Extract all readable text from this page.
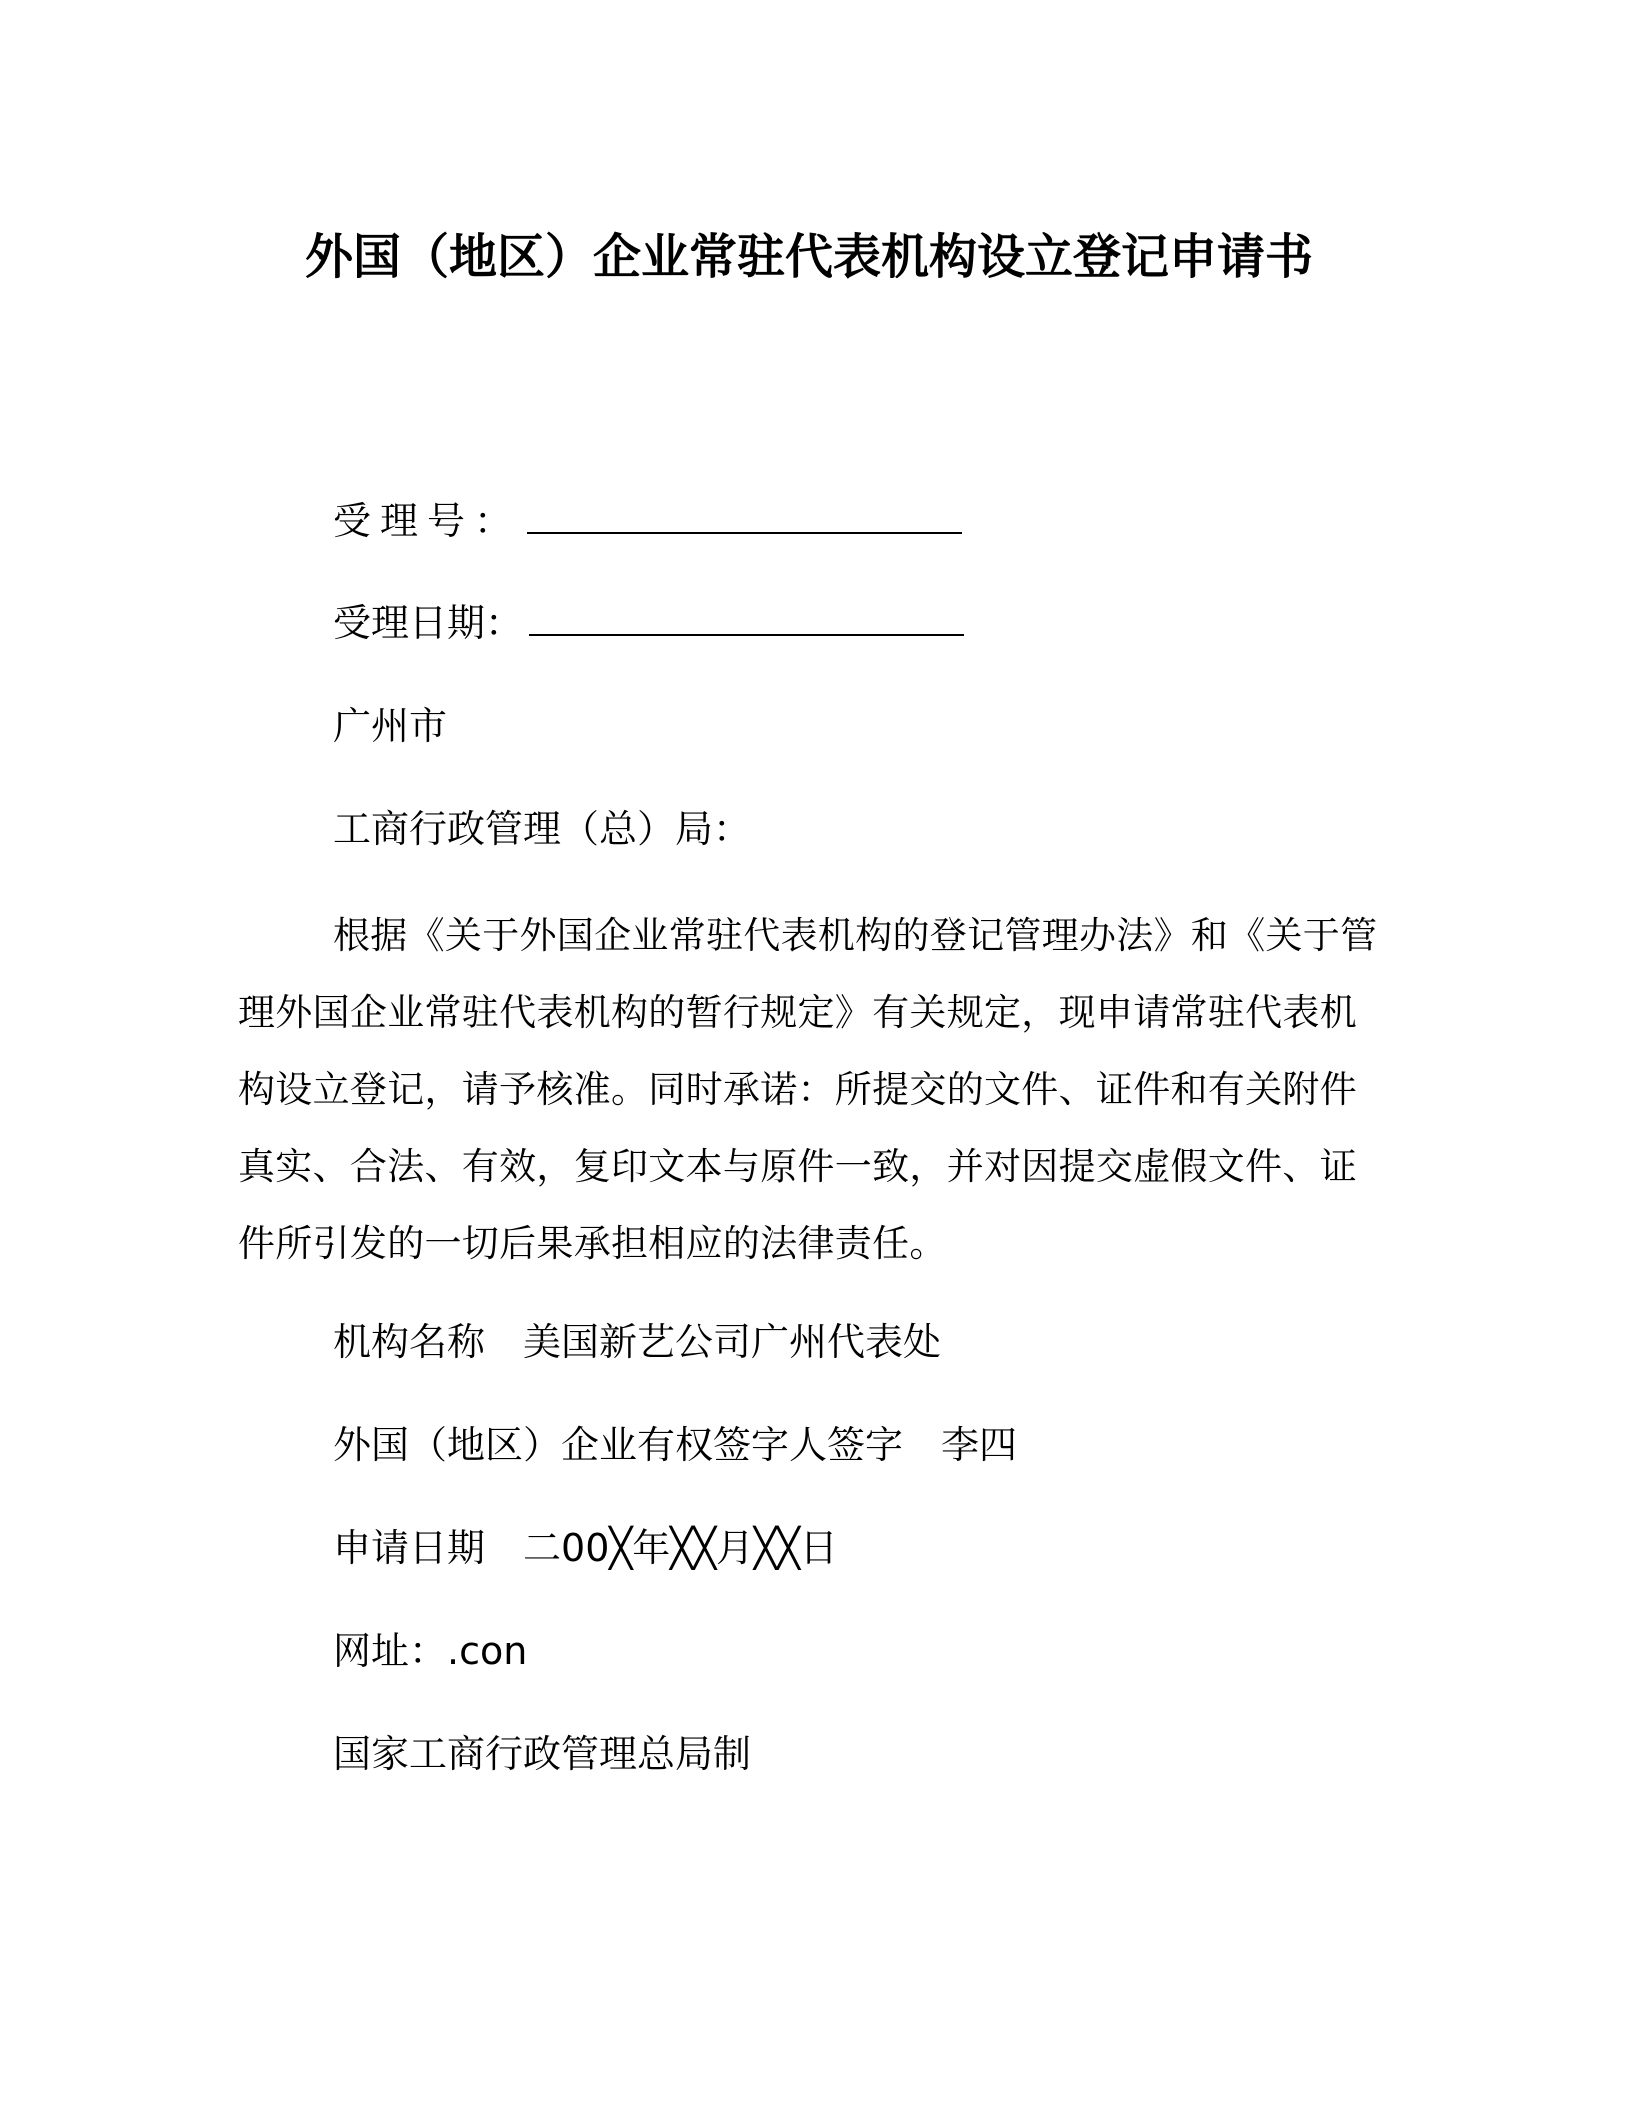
外国（地区）企业常驻代表机构设立登记申请书
受理号：
受理日期：
广州市
工商行政管理（总）局：
根据《关于外国企业常驻代表机构的登记管理办法》和《关于管理外国企业常驻代表机构的暂行规定》有关规定，现申请常驻代表机构设立登记，请予核准。同时承诺：所提交的文件、证件和有关附件真实、合法、有效，复印文本与原件一致，并对因提交虚假文件、证件所引发的一切后果承担相应的法律责任。
机构名称 美国新艺公司广州代表处
外国（地区）企业有权签字人签字 李四
申请日期 二00╳年╳╳月╳╳日
网址：.con
国家工商行政管理总局制
